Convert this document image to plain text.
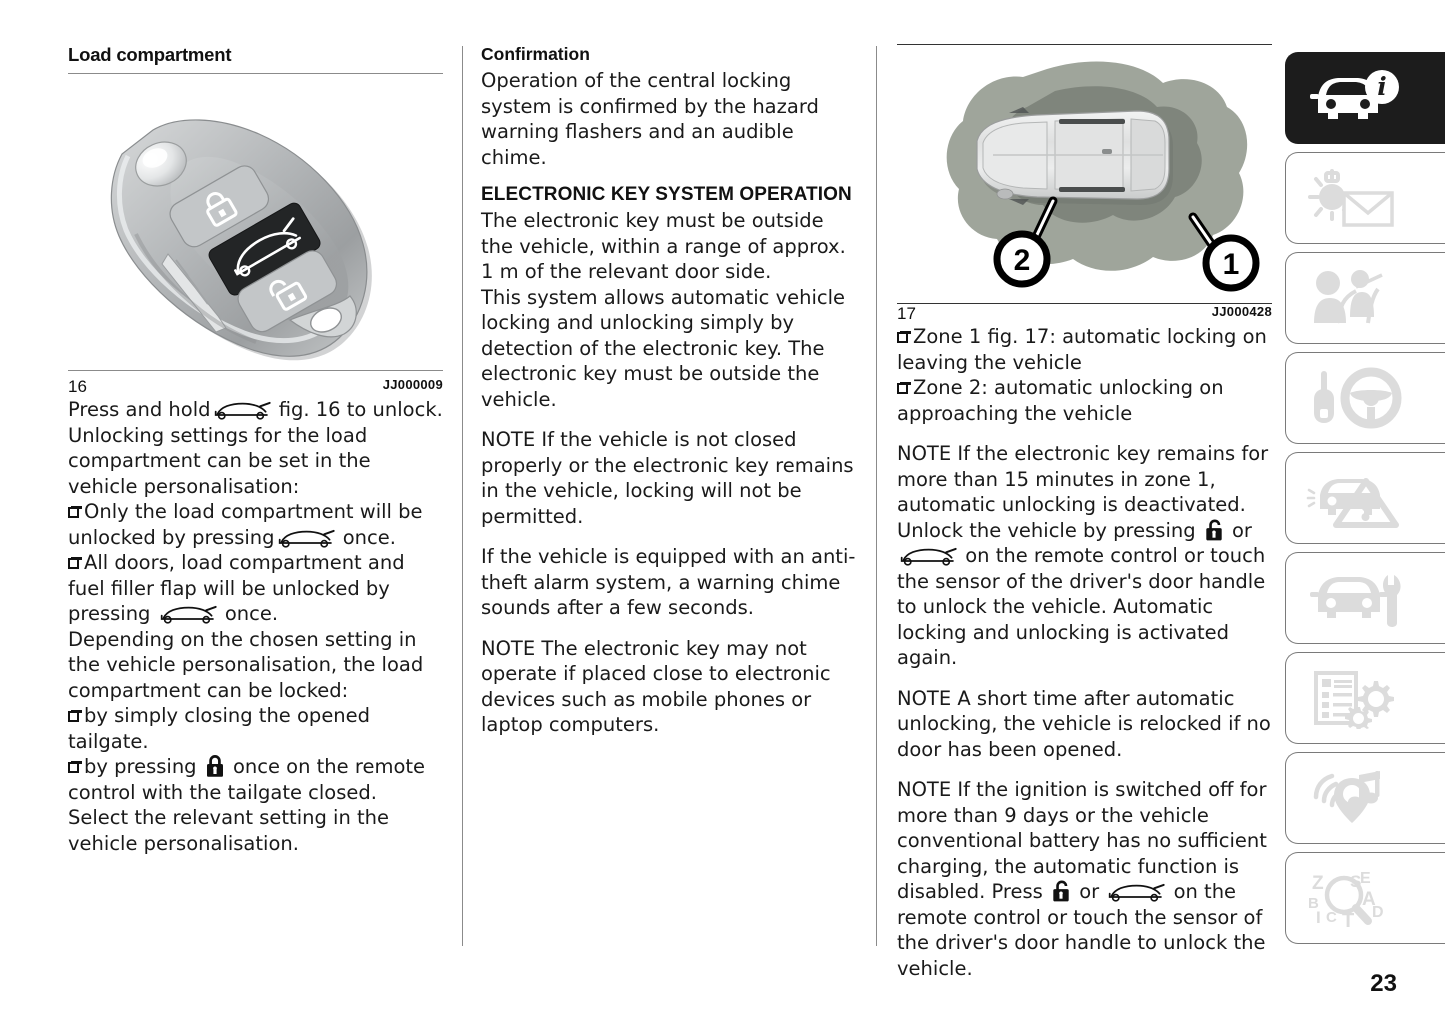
Load compartment
16	JJ000009

Press and hold	fig. 16 to unlock.

Unlocking settings for the load compartment can be set in the vehicle personalisation:

Only the load compartment will be unlocked by pressing	once.
All doors, load compartment and fuel filler flap will be unlocked by pressing	once.

Depending on the chosen setting in the vehicle personalisation, the load compartment can be locked:

by simply closing the opened tailgate.
by pressing once on the remote control with the tailgate closed.

Select the relevant setting in the vehicle personalisation.

Confirmation

Operation of the central locking system is confirmed by the hazard warning flashers and an audible chime.

ELECTRONIC KEY SYSTEM OPERATION

The electronic key must be outside the vehicle, within a range of approx. 1 m of the relevant door side.

This system allows automatic vehicle locking and unlocking simply by detection of the electronic key. The electronic key must be outside the vehicle.

NOTE If the vehicle is not closed properly or the electronic key remains in the vehicle, locking will not be permitted.

If the vehicle is equipped with an anti-theft alarm system, a warning chime sounds after a few seconds.

NOTE The electronic key may not operate if placed close to electronic devices such as mobile phones or laptop computers.

2	1
17	JJ000428
Zone 1 fig. 17: automatic locking on leaving the vehicle
Zone 2: automatic unlocking on approaching the vehicle

NOTE If the electronic key remains for more than 15 minutes in zone 1, automatic unlocking is deactivated. Unlock the vehicle by pressing or  on the remote control or touch the sensor of the driver's door handle to unlock the vehicle. Automatic locking and unlocking is activated again.

NOTE A short time after automatic unlocking, the vehicle is relocked if no door has been opened.

NOTE If the ignition is switched off for more than 9 days or the vehicle conventional battery has no sufficient charging, the automatic function is disabled. Press or	on the remote control or touch the sensor of the driver's door handle to unlock the vehicle.

i
Z
B
I C T
S
E
A
D
23
